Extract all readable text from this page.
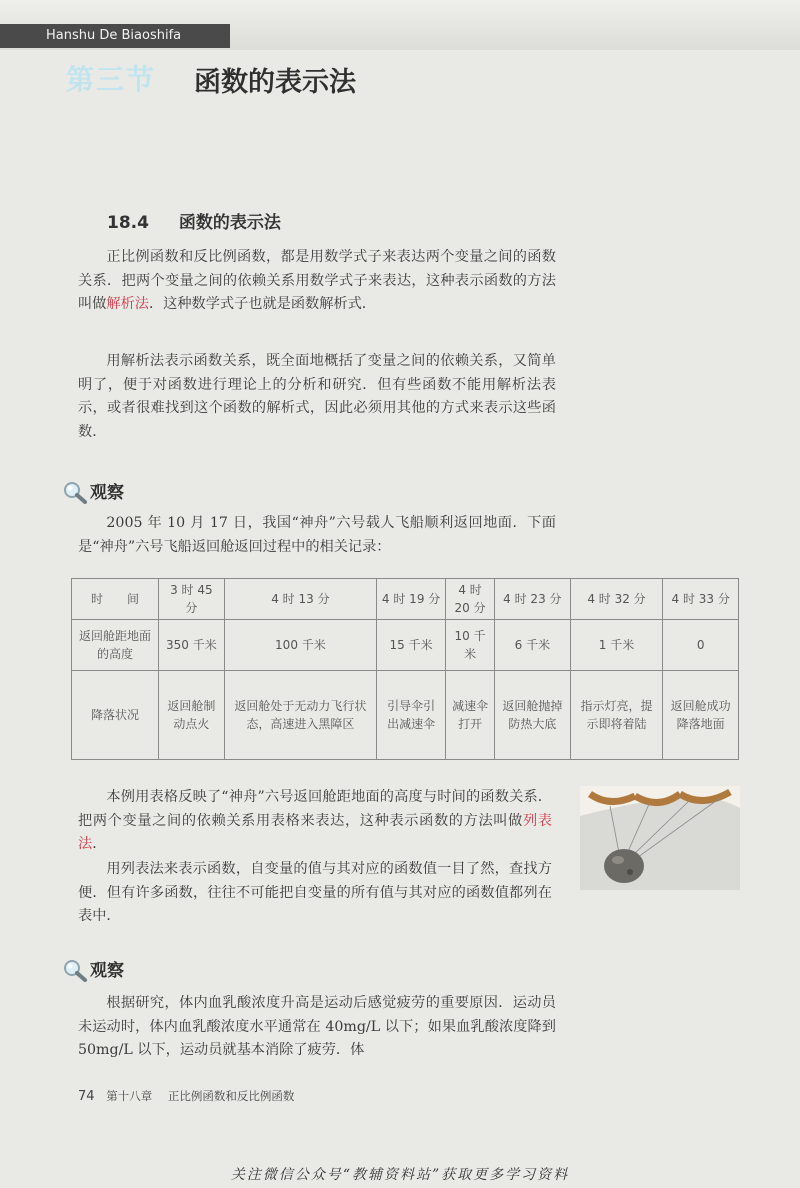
Hanshu De Biaoshifa
第三节 函数的表示法
18.4 函数的表示法
正比例函数和反比例函数，都是用数学式子来表达两个变量之间的函数关系．把两个变量之间的依赖关系用数学式子来表达，这种表示函数的方法叫做解析法．这种数学式子也就是函数解析式．
用解析法表示函数关系，既全面地概括了变量之间的依赖关系，又简单明了，便于对函数进行理论上的分析和研究．但有些函数不能用解析法表示，或者很难找到这个函数的解析式，因此必须用其他的方式来表示这些函数．
观察
2005 年 10 月 17 日，我国“神舟”六号载人飞船顺利返回地面．下面是“神舟”六号飞船返回舱返回过程中的相关记录：
时　　间	3 时 45 分	4 时 13 分	4 时 19 分	4 时 20 分	4 时 23 分	4 时 32 分	4 时 33 分
返回舱距地面的高度	350 千米	100 千米	15 千米	10 千米	6 千米	1 千米	0
降落状况	返回舱制动点火	返回舱处于无动力飞行状态，高速进入黑障区	引导伞引出减速伞	减速伞打开	返回舱抛掉防热大底	指示灯亮，提示即将着陆	返回舱成功降落地面
本例用表格反映了“神舟”六号返回舱距地面的高度与时间的函数关系．把两个变量之间的依赖关系用表格来表达，这种表示函数的方法叫做列表法．
用列表法来表示函数，自变量的值与其对应的函数值一目了然，查找方便．但有许多函数，往往不可能把自变量的所有值与其对应的函数值都列在表中．
观察
根据研究，体内血乳酸浓度升高是运动后感觉疲劳的重要原因．运动员未运动时，体内血乳酸浓度水平通常在 40mg/L 以下；如果血乳酸浓度降到 50mg/L 以下，运动员就基本消除了疲劳．体
74 第十八章 正比例函数和反比例函数
关注微信公众号“教辅资料站”获取更多学习资料
